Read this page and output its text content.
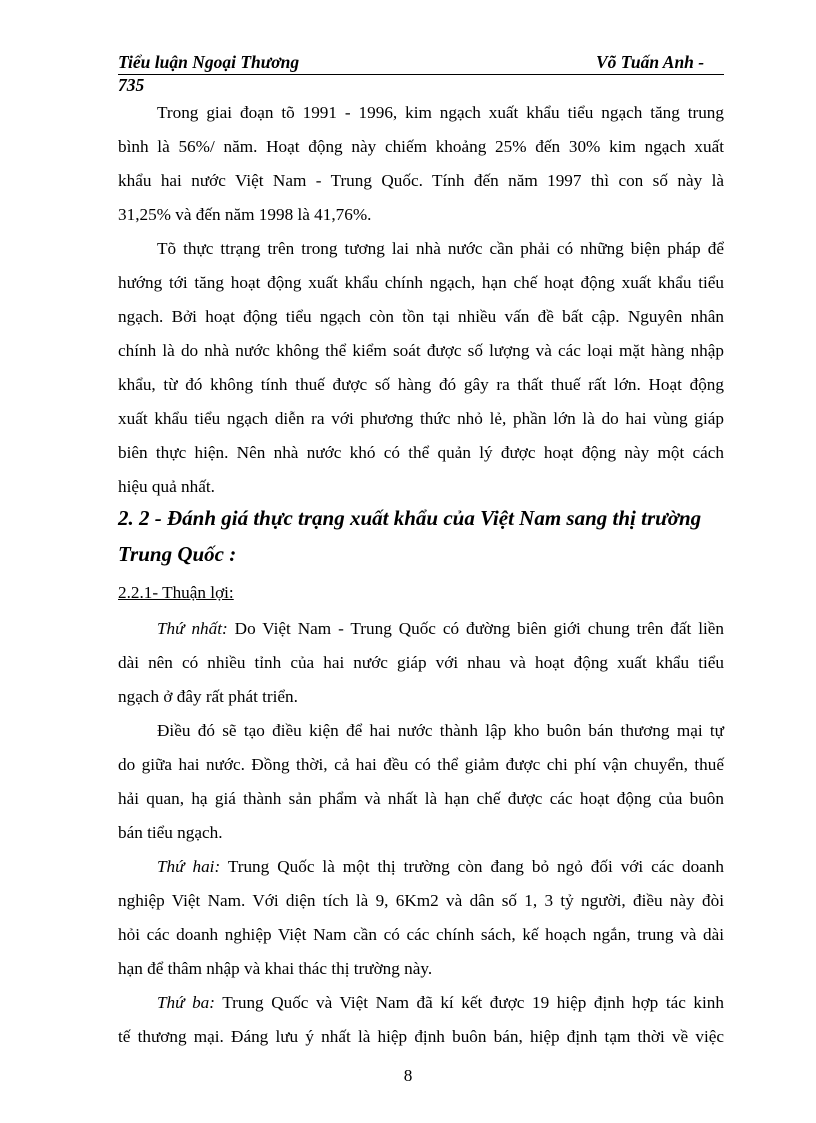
Tiểu luận Ngoại Thương	Võ Tuấn Anh -
735
Trong giai đoạn tõ 1991 - 1996, kim ngạch xuất khẩu tiểu ngạch tăng trung
bình là 56%/ năm. Hoạt động này chiếm khoảng 25% đến 30% kim ngạch xuất
khẩu hai nước Việt Nam - Trung Quốc. Tính đến năm 1997 thì con số này là
31,25% và đến năm 1998 là 41,76%.
Tõ thực ttrạng trên trong tương lai nhà nước cần phải có những biện pháp để
hướng tới tăng hoạt động xuất khẩu chính ngạch, hạn chế hoạt động xuất khẩu tiểu
ngạch. Bởi hoạt động tiểu ngạch còn tồn tại nhiều vấn đề bất cập. Nguyên nhân
chính là do nhà nước không thể kiểm soát được số lượng và các loại mặt hàng nhập
khẩu, từ đó không tính thuế được số hàng đó gây ra thất thuế rất lớn. Hoạt động
xuất khẩu tiểu ngạch diễn ra với phương thức nhỏ lẻ, phần lớn là do hai vùng giáp
biên thực hiện. Nên nhà nước khó có thể quản lý được hoạt động này một cách
hiệu quả nhất.
2. 2 - Đánh giá thực trạng xuất khẩu của Việt Nam sang thị trường
Trung Quốc :
2.2.1- Thuận lợi:
Thứ nhất: Do Việt Nam - Trung Quốc có đường biên giới chung trên đất liền
dài nên có nhiều tỉnh của hai nước giáp với nhau và hoạt động xuất khẩu tiểu
ngạch ở đây rất phát triển.
Điều đó sẽ tạo điều kiện để hai nước thành lập kho buôn bán thương mại tự
do giữa hai nước. Đồng thời, cả hai đều có thể giảm được chi phí vận chuyển, thuế
hải quan, hạ giá thành sản phẩm và nhất là hạn chế được các hoạt động của buôn
bán tiểu ngạch.
Thứ hai: Trung Quốc là một thị trường còn đang bỏ ngỏ đối với các doanh
nghiệp Việt Nam. Với diện tích là 9, 6Km2 và dân số 1, 3 tỷ người, điều này đòi
hỏi các doanh nghiệp Việt Nam cần có các chính sách, kế hoạch ngắn, trung và dài
hạn để thâm nhập và khai thác thị trường này.
Thứ ba: Trung Quốc và Việt Nam đã kí kết được 19 hiệp định hợp tác kinh
tế thương mại. Đáng lưu ý nhất là hiệp định buôn bán, hiệp định tạm thời về việc
8
